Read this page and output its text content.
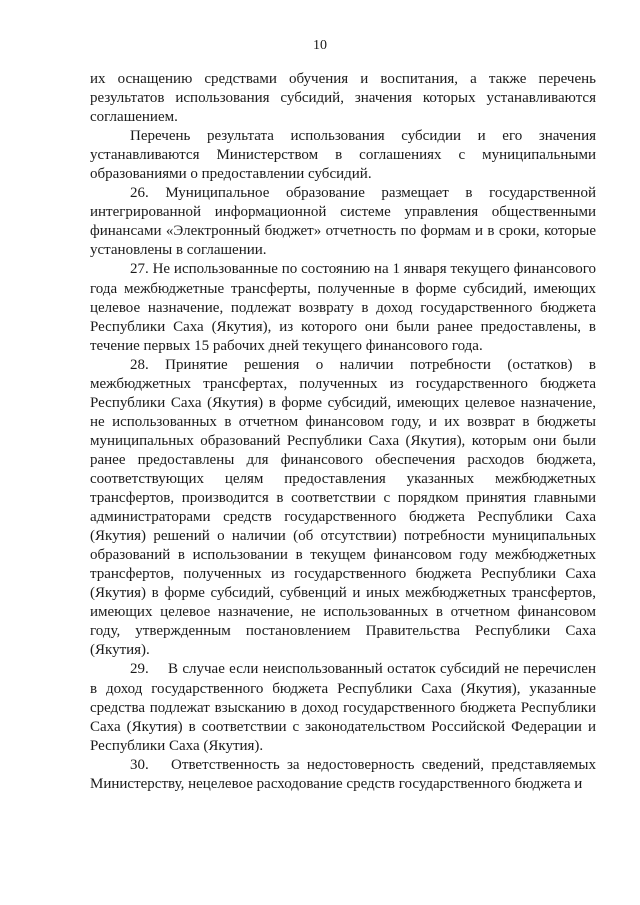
10

их оснащению средствами обучения и воспитания, а также перечень результатов использования субсидий, значения которых устанавливаются соглашением.

Перечень результата использования субсидии и его значения устанавливаются Министерством в соглашениях с муниципальными образованиями о предоставлении субсидий.

26. Муниципальное образование размещает в государственной интегрированной информационной системе управления общественными финансами «Электронный бюджет» отчетность по формам и в сроки, которые установлены в соглашении.

27. Не использованные по состоянию на 1 января текущего финансового года межбюджетные трансферты, полученные в форме субсидий, имеющих целевое назначение, подлежат возврату в доход государственного бюджета Республики Саха (Якутия), из которого они были ранее предоставлены, в течение первых 15 рабочих дней текущего финансового года.

28. Принятие решения о наличии потребности (остатков) в межбюджетных трансфертах, полученных из государственного бюджета Республики Саха (Якутия) в форме субсидий, имеющих целевое назначение, не использованных в отчетном финансовом году, и их возврат в бюджеты муниципальных образований Республики Саха (Якутия), которым они были ранее предоставлены для финансового обеспечения расходов бюджета, соответствующих целям предоставления указанных межбюджетных трансфертов, производится в соответствии с порядком принятия главными администраторами средств государственного бюджета Республики Саха (Якутия) решений о наличии (об отсутствии) потребности муниципальных образований в использовании в текущем финансовом году межбюджетных трансфертов, полученных из государственного бюджета Республики Саха (Якутия) в форме субсидий, субвенций и иных межбюджетных трансфертов, имеющих целевое назначение, не использованных в отчетном финансовом году, утвержденным постановлением Правительства Республики Саха (Якутия).

29.  В случае если неиспользованный остаток субсидий не перечислен в доход государственного бюджета Республики Саха (Якутия), указанные средства подлежат взысканию в доход государственного бюджета Республики Саха (Якутия) в соответствии с законодательством Российской Федерации и Республики Саха (Якутия).

30.  Ответственность за недостоверность сведений, представляемых Министерству, нецелевое расходование средств государственного бюджета и
